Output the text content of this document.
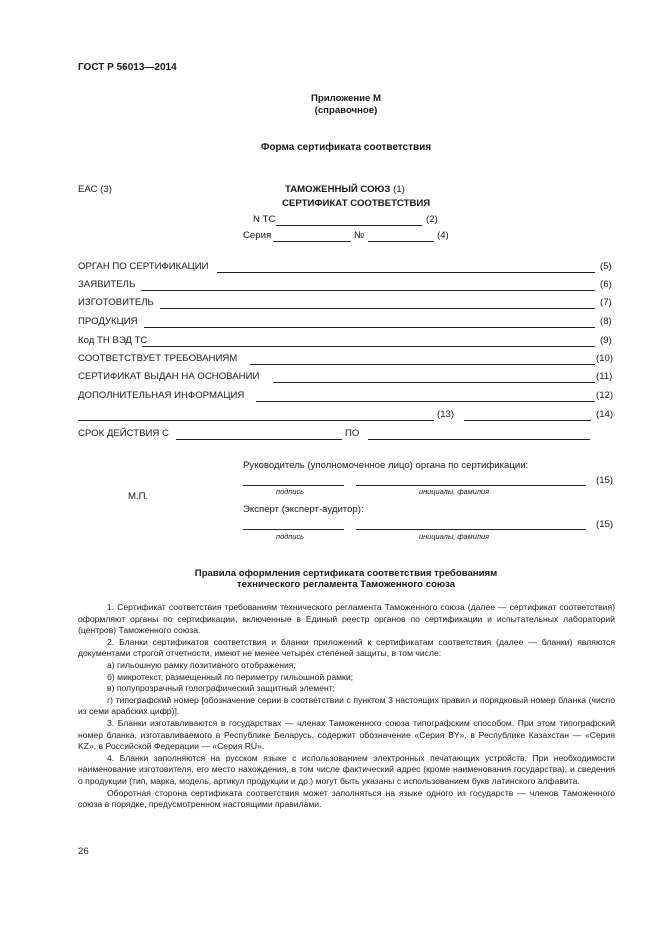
ГОСТ Р 56013—2014
Приложение М
(справочное)
Форма сертификата соответствия
ЕАС (3)	ТАМОЖЕННЫЙ СОЮЗ (1)
СЕРТИФИКАТ СООТВЕТСТВИЯ
N ТС	(2)
Серия	№	(4)
ОРГАН ПО СЕРТИФИКАЦИИ	(5)
ЗАЯВИТЕЛЬ	(6)
ИЗГОТОВИТЕЛЬ	(7)
ПРОДУКЦИЯ	(8)
Код ТН ВЭД ТС	(9)
СООТВЕТСТВУЕТ ТРЕБОВАНИЯМ	(10)
СЕРТИФИКАТ ВЫДАН НА ОСНОВАНИИ	(11)
ДОПОЛНИТЕЛЬНАЯ ИНФОРМАЦИЯ	(12)
(13)	(14)
СРОК ДЕЙСТВИЯ С	ПО
Руководитель (уполномоченное лицо) органа по сертификации:
(15)
подпись	инициалы, фамилия
М.П.
Эксперт (эксперт-аудитор):
(15)
подпись	инициалы, фамилия
Правила оформления сертификата соответствия требованиям
технического регламента Таможенного союза

1. Сертификат соответствия требованиям технического регламента Таможенного союза (далее — сертификат соответствия) оформляют органы по сертификации, включенные в Единый реестр органов по сертификации и испытательных лабораторий (центров) Таможенного союза.

2. Бланки сертификатов соответствия и бланки приложений к сертификатам соответствия (далее — бланки) являются документами строгой отчетности, имеют не менее четырех степеней защиты, в том числе:

а) гильошную рамку позитивного отображения;

б) микротекст, размещенный по периметру гильошной рамки;

в) полупрозрачный голографический защитный элемент;

г) типографский номер [обозначение серии в соответствии с пунктом 3 настоящих правил и порядковый номер бланка (число из семи арабских цифр)].

3. Бланки изготавливаются в государствах — членах Таможенного союза типографским способом. При этом типографский номер бланка, изготавливаемого в Республике Беларусь, содержит обозначение «Серия BY», в Республике Казахстан — «Серия KZ», в Российской Федерации — «Серия RU».

4. Бланки заполняются на русском языке с использованием электронных печатающих устройств. При необходимости наименование изготовителя, его место нахождения, в том числе фактический адрес (кроме наименования государства), и сведения о продукции (тип, марка, модель, артикул продукции и др.) могут быть указаны с использованием букв латинского алфавита.

Оборотная сторона сертификата соответствия может заполняться на языке одного из государств — членов Таможенного союза в порядке, предусмотренном настоящими правилами.

26
